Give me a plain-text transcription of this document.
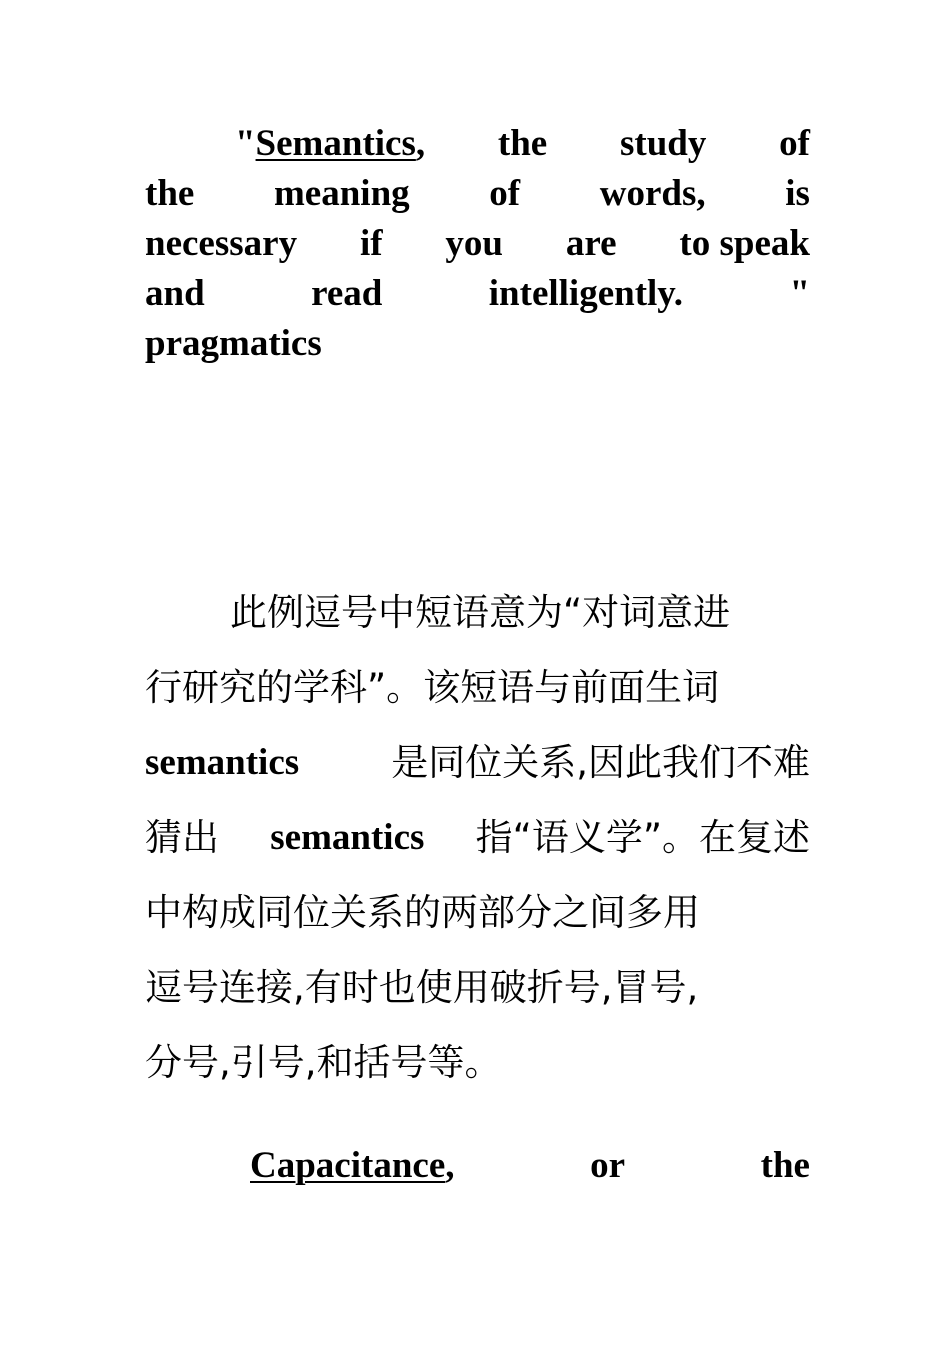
"Semantics, the study of
the meaning of words, is
necessary if you are to speak
and	read	intelligently.	"
pragmatics
此例逗号中短语意为“对词意进
行研究的学科”。该短语与前面生词
semantics 是同位关系,因此我们不难
猜出 semantics 指“语义学”。在复述
中构成同位关系的两部分之间多用
逗号连接,有时也使用破折号,冒号,
分号,引号,和括号等。
Capacitance,	or	the
